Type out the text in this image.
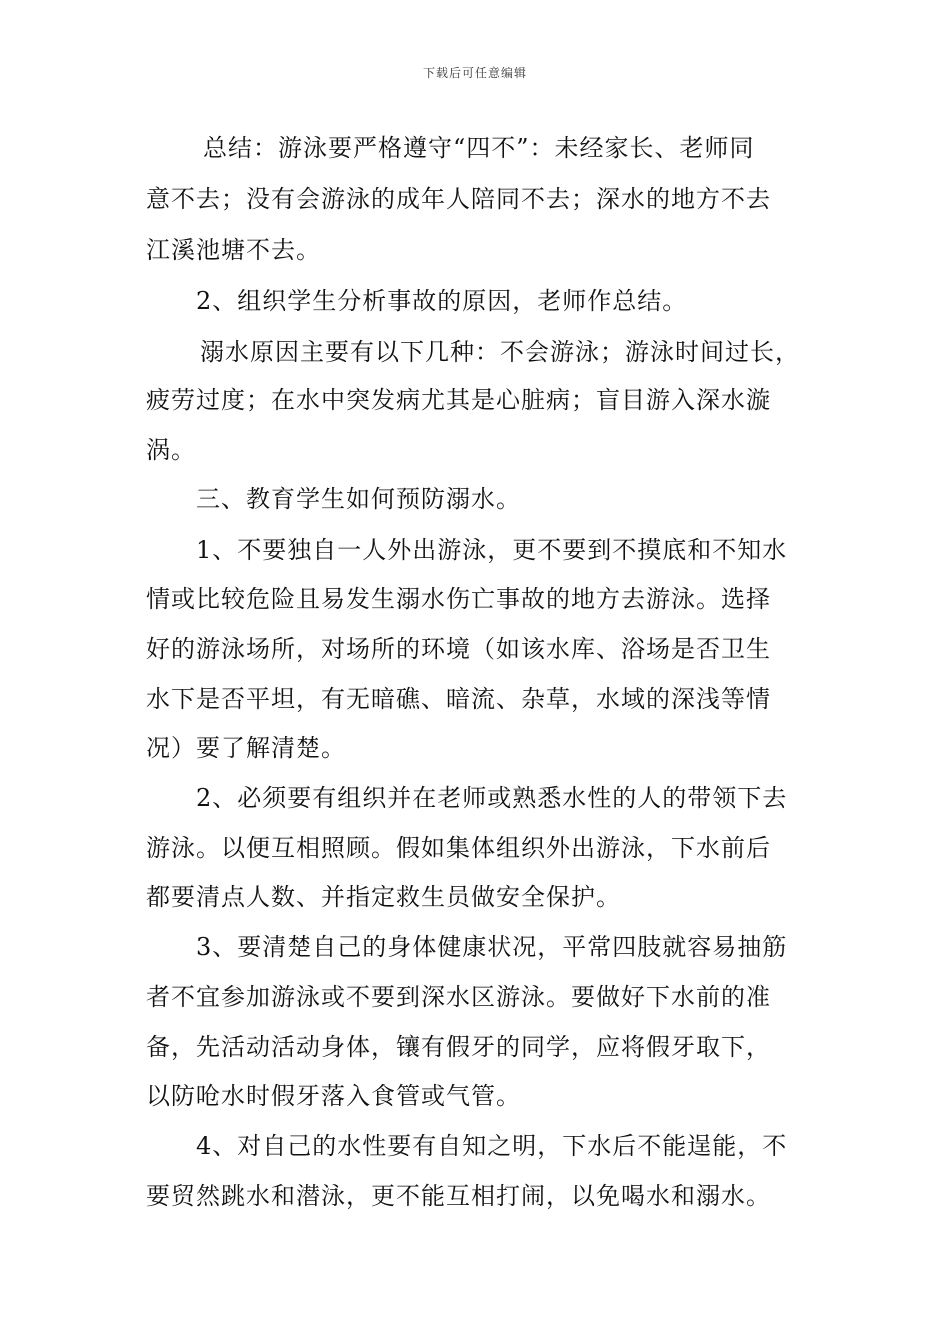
下载后可任意编辑
总结：游泳要严格遵守“四不”：未经家长、老师同
意不去；没有会游泳的成年人陪同不去；深水的地方不去
江溪池塘不去。
2、组织学生分析事故的原因，老师作总结。
溺水原因主要有以下几种：不会游泳；游泳时间过长，
疲劳过度；在水中突发病尤其是心脏病；盲目游入深水漩
涡。
三、教育学生如何预防溺水。
1、不要独自一人外出游泳，更不要到不摸底和不知水
情或比较危险且易发生溺水伤亡事故的地方去游泳。选择
好的游泳场所，对场所的环境（如该水库、浴场是否卫生
水下是否平坦，有无暗礁、暗流、杂草，水域的深浅等情
况）要了解清楚。
2、必须要有组织并在老师或熟悉水性的人的带领下去
游泳。以便互相照顾。假如集体组织外出游泳，下水前后
都要清点人数、并指定救生员做安全保护。
3、要清楚自己的身体健康状况，平常四肢就容易抽筋
者不宜参加游泳或不要到深水区游泳。要做好下水前的准
备，先活动活动身体，镶有假牙的同学，应将假牙取下，
以防呛水时假牙落入食管或气管。
4、对自己的水性要有自知之明，下水后不能逞能，不
要贸然跳水和潜泳，更不能互相打闹，以免喝水和溺水。
